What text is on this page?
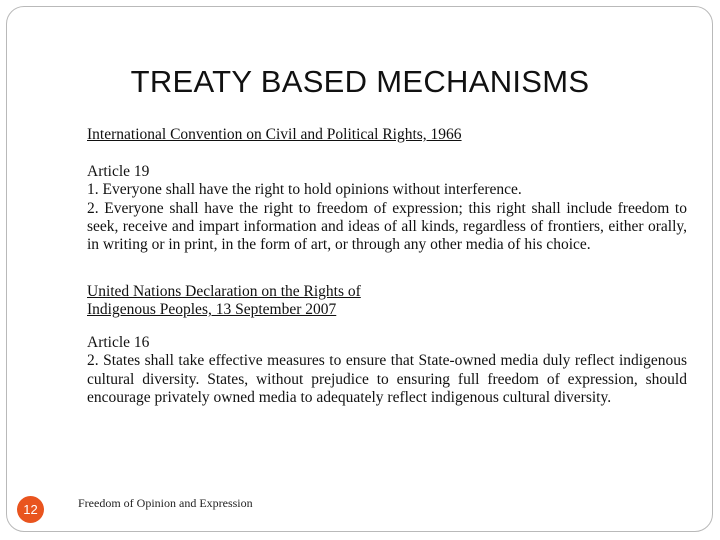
TREATY BASED MECHANISMS
International Convention on Civil and Political Rights, 1966
Article 19
1. Everyone shall have the right to hold opinions without interference.
2. Everyone shall have the right to freedom of expression; this right shall include freedom to seek, receive and impart information and ideas of all kinds, regardless of frontiers, either orally, in writing or in print, in the form of art, or through any other media of his choice.
United Nations Declaration on the Rights of
Indigenous Peoples, 13 September 2007
Article 16
2. States shall take effective measures to ensure that State-owned media duly reflect indigenous cultural diversity. States, without prejudice to ensuring full freedom of expression, should encourage privately owned media to adequately reflect indigenous cultural diversity.
12	Freedom of Opinion and Expression
